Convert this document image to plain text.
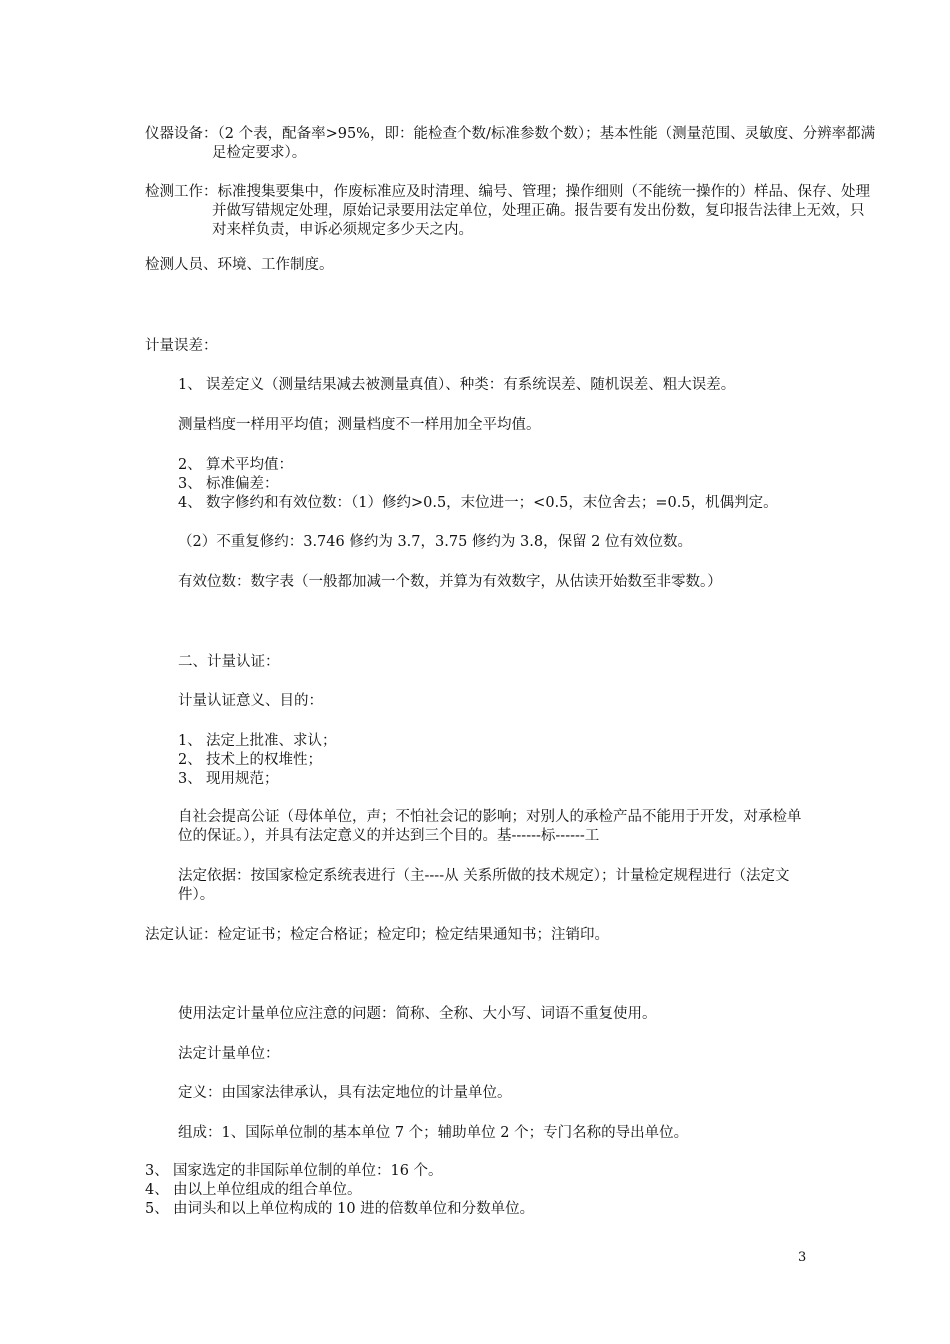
仪器设备：（2 个表，配备率>95%，即：能检查个数/标准参数个数）；基本性能（测量范围、灵敏度、分辨率都满足检定要求）。
检测工作：标准搜集要集中，作废标准应及时清理、编号、管理；操作细则（不能统一操作的）样品、保存、处理并做写错规定处理，原始记录要用法定单位，处理正确。报告要有发出份数，复印报告法律上无效，只对来样负责，申诉必须规定多少天之内。
检测人员、环境、工作制度。
计量误差：
1、 误差定义（测量结果减去被测量真值）、种类：有系统误差、随机误差、粗大误差。
测量档度一样用平均值；测量档度不一样用加全平均值。
2、 算术平均值：
3、 标准偏差：
4、 数字修约和有效位数：（1）修约>0.5，末位进一；<0.5，末位舍去；=0.5，机偶判定。
（2）不重复修约：3.746 修约为 3.7，3.75 修约为 3.8，保留 2 位有效位数。
有效位数：数字表（一般都加减一个数，并算为有效数字，从估读开始数至非零数。）
二、计量认证：
计量认证意义、目的：
1、 法定上批准、求认；
2、 技术上的权堆性；
3、 现用规范；
自社会提高公证（母体单位，声；不怕社会记的影响；对别人的承检产品不能用于开发，对承检单位的保证。），并具有法定意义的并达到三个目的。基------标------工
法定依据：按国家检定系统表进行（主----从 关系所做的技术规定）；计量检定规程进行（法定文件）。
法定认证：检定证书；检定合格证；检定印；检定结果通知书；注销印。
使用法定计量单位应注意的问题：简称、全称、大小写、词语不重复使用。
法定计量单位：
定义：由国家法律承认，具有法定地位的计量单位。
组成：1、国际单位制的基本单位 7 个；辅助单位 2 个；专门名称的导出单位。
3、 国家选定的非国际单位制的单位：16 个。
4、 由以上单位组成的组合单位。
5、 由词头和以上单位构成的 10 进的倍数单位和分数单位。
3
